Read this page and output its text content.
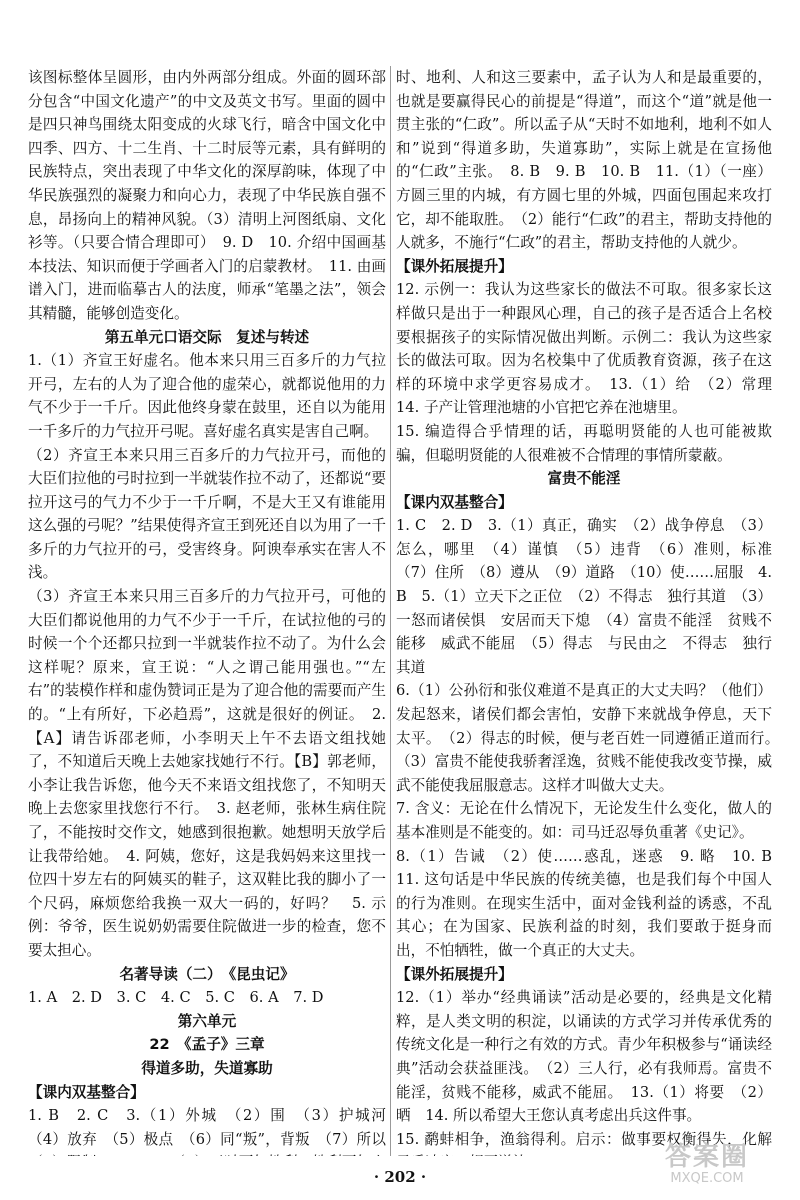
该图标整体呈圆形，由内外两部分组成。外面的圆环部分包含“中国文化遗产”的中文及英文书写。里面的圆中是四只神鸟围绕太阳变成的火球飞行，暗含中国文化中四季、四方、十二生肖、十二时辰等元素，具有鲜明的民族特点，突出表现了中华文化的深厚韵味，体现了中华民族强烈的凝聚力和向心力，表现了中华民族自强不息，昂扬向上的精神风貌。（3）清明上河图纸扇、文化衫等。（只要合情合理即可）　9. D　10. 介绍中国画基本技法、知识而便于学画者入门的启蒙教材。　11. 由画谱入门，进而临摹古人的法度，师承“笔墨之法”，领会其精髓，能够创造变化。

第五单元口语交际　复述与转述

1.（1）齐宣王好虚名。他本来只用三百多斤的力气拉开弓，左右的人为了迎合他的虚荣心，就都说他用的力气不少于一千斤。因此他终身蒙在鼓里，还自以为能用一千多斤的力气拉开弓呢。喜好虚名真实是害自己啊。

（2）齐宣王本来只用三百多斤的力气拉开弓，而他的大臣们拉他的弓时拉到一半就装作拉不动了，还都说“要拉开这弓的气力不少于一千斤啊，不是大王又有谁能用这么强的弓呢？”结果使得齐宣王到死还自以为用了一千多斤的力气拉开的弓，受害终身。阿谀奉承实在害人不浅。

（3）齐宣王本来只用三百多斤的力气拉开弓，可他的大臣们都说他用的力气不少于一千斤，在试拉他的弓的时候一个个还都只拉到一半就装作拉不动了。为什么会这样呢？原来，宣王说：“人之谓己能用强也。”“左右”的装模作样和虚伪赞词正是为了迎合他的需要而产生的。“上有所好，下必趋焉”，这就是很好的例证。　2.【A】请告诉邵老师，小李明天上午不去语文组找她了，不知道后天晚上去她家找她行不行。【B】郭老师，小李让我告诉您，他今天不来语文组找您了，不知明天晚上去您家里找您行不行。　3. 赵老师，张林生病住院了，不能按时交作文，她感到很抱歉。她想明天放学后让我带给她。　4. 阿姨，您好，这是我妈妈来这里找一位四十岁左右的阿姨买的鞋子，这双鞋比我的脚小了一个尺码，麻烦您给我换一双大一码的，好吗？　5. 示例：爷爷，医生说奶奶需要住院做进一步的检查，您不要太担心。

名著导读（二）　《昆虫记》

1. A　2. D　3. C　4. C　5. C　6. A　7. D

第六单元

22　《孟子》三章

得道多助，失道寡助

【课内双基整合】

1. B　2. C　3.（1）外城　（2）围　（3）护城河　（4）放弃　（5）极点　（6）同“叛”，背叛　（7）所以　　 　　　　　

时、地利、人和这三要素中，孟子认为人和是最重要的，也就是要赢得民心的前提是“得道”，而这个“道”就是他一贯主张的“仁政”。所以孟子从“天时不如地利，地利不如人和”说到“得道多助，失道寡助”，实际上就是在宣扬他的“仁政”主张。　8. B　9. B　10. B　11.（1）（一座）方圆三里的内城，有方圆七里的外城，四面包围起来攻打它，却不能取胜。　（2）能行“仁政”的君主，帮助支持他的人就多，不施行“仁政”的君主，帮助支持他的人就少。

【课外拓展提升】

12. 示例一：我认为这些家长的做法不可取。很多家长这样做只是出于一种跟风心理，自己的孩子是否适合上名校要根据孩子的实际情况做出判断。示例二：我认为这些家长的做法可取。因为名校集中了优质教育资源，孩子在这样的环境中求学更容易成才。　13.（1）给　（2）常理　14. 子产让管理池塘的小官把它养在池塘里。

15. 编造得合乎情理的话，再聪明贤能的人也可能被欺骗，但聪明贤能的人很难被不合情理的事情所蒙蔽。

富贵不能淫

【课内双基整合】

1. C　2. D　3.（1）真正，确实　（2）战争停息　（3）怎么，哪里　（4）谨慎　（5）违背　（6）准则，标准　（7）住所　（8）遵从　（9）道路　（10）使……屈服　4. B　5.（1）立天下之正位　（2）不得志　独行其道　（3）一怒而诸侯惧　安居而天下熄　（4）富贵不能淫　贫贱不能移　威武不能屈　（5）得志　与民由之　不得志　独行其道

6.（1）公孙衍和张仪难道不是真正的大丈夫吗？（他们）发起怒来，诸侯们都会害怕，安静下来就战争停息，天下太平。　（2）得志的时候，便与老百姓一同遵循正道而行。　（3）富贵不能使我骄奢淫逸，贫贱不能使我改变节操，威武不能使我屈服意志。这样才叫做大丈夫。

7. 含义：无论在什么情况下，无论发生什么变化，做人的基本准则是不能变的。如：司马迁忍辱负重著《史记》。

8.（1）告诫　（2）使……惑乱，迷惑　9. 略　10. B　11. 这句话是中华民族的传统美德，也是我们每个中国人的行为准则。在现实生活中，面对金钱利益的诱惑，不乱其心；在为国家、民族利益的时刻，我们要敢于挺身而出，不怕牺牲，做一个真正的大丈夫。

【课外拓展提升】

12.（1）举办“经典诵读”活动是必要的，经典是文化精粹，是人类文明的积淀，以诵读的方式学习并传承优秀的传统文化是一种行之有效的方式。青少年积极参与“诵读经典”活动会获益匪浅。　（2）三人行，必有我师焉。富贵不能淫，贫贱不能移，威武不能屈。　13.（1）将要　（2）晒　14. 所以希望大王您认真考虑出兵这件事。

15. 鹬蚌相争，渔翁得利。启示：做事要权衡得失，化解

· 202 ·
答案圈
MXQE.COM
